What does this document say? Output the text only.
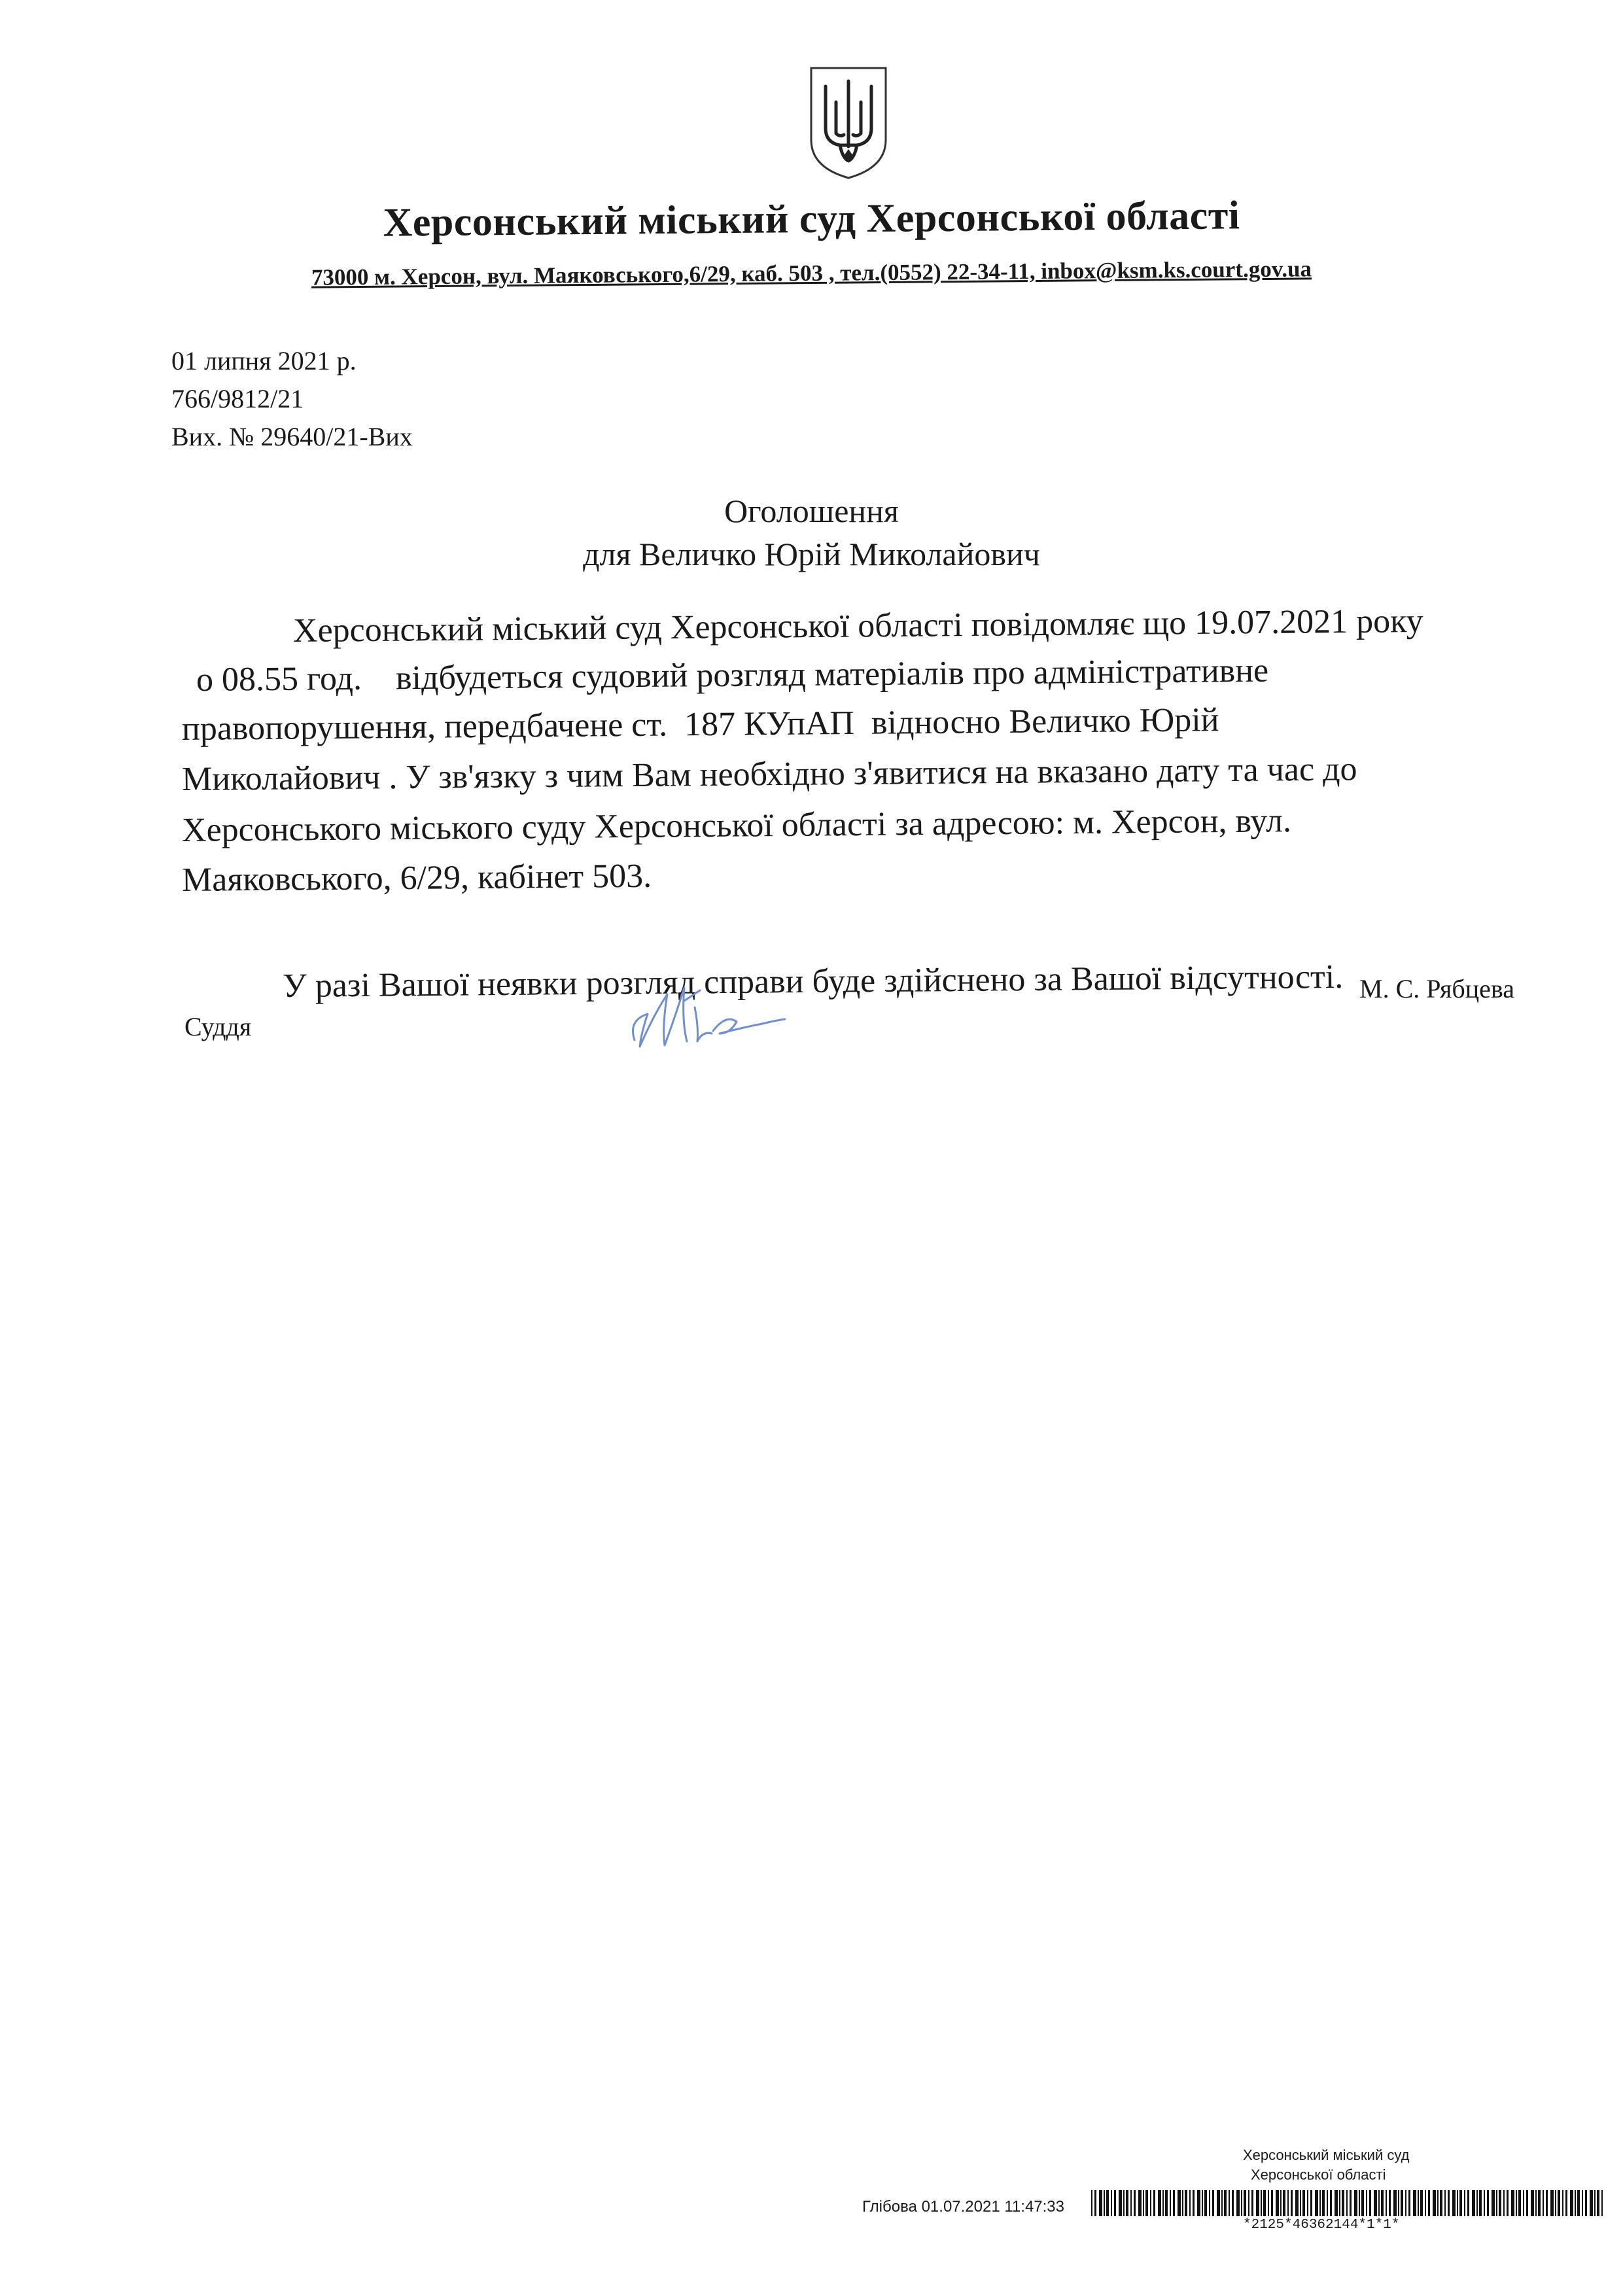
Херсонський міський суд Херсонської області
73000 м. Херсон, вул. Маяковського,6/29, каб. 503 , тел.(0552) 22-34-11, inbox@ksm.ks.court.gov.ua
01 липня 2021 р.
766/9812/21
Вих. № 29640/21-Вих
Оголошення
для Величко Юрій Миколайович
Херсонський міський суд Херсонської області повідомляє що 19.07.2021 року
о 08.55 год.    відбудеться судовий розгляд матеріалів про адміністративне
правопорушення, передбачене ст.  187 КУпАП  відносно Величко Юрій
Миколайович . У зв'язку з чим Вам необхідно з'явитися на вказано дату та час до
Херсонського міського суду Херсонської області за адресою: м. Херсон, вул.
Маяковського, 6/29, кабінет 503.
У разі Вашої неявки розгляд справи буде здійснено за Вашої відсутності. М. С. Рябцева
Суддя
Херсонський міський суд
Херсонської області
Глібова 01.07.2021 11:47:33
*2125*46362144*1*1*
